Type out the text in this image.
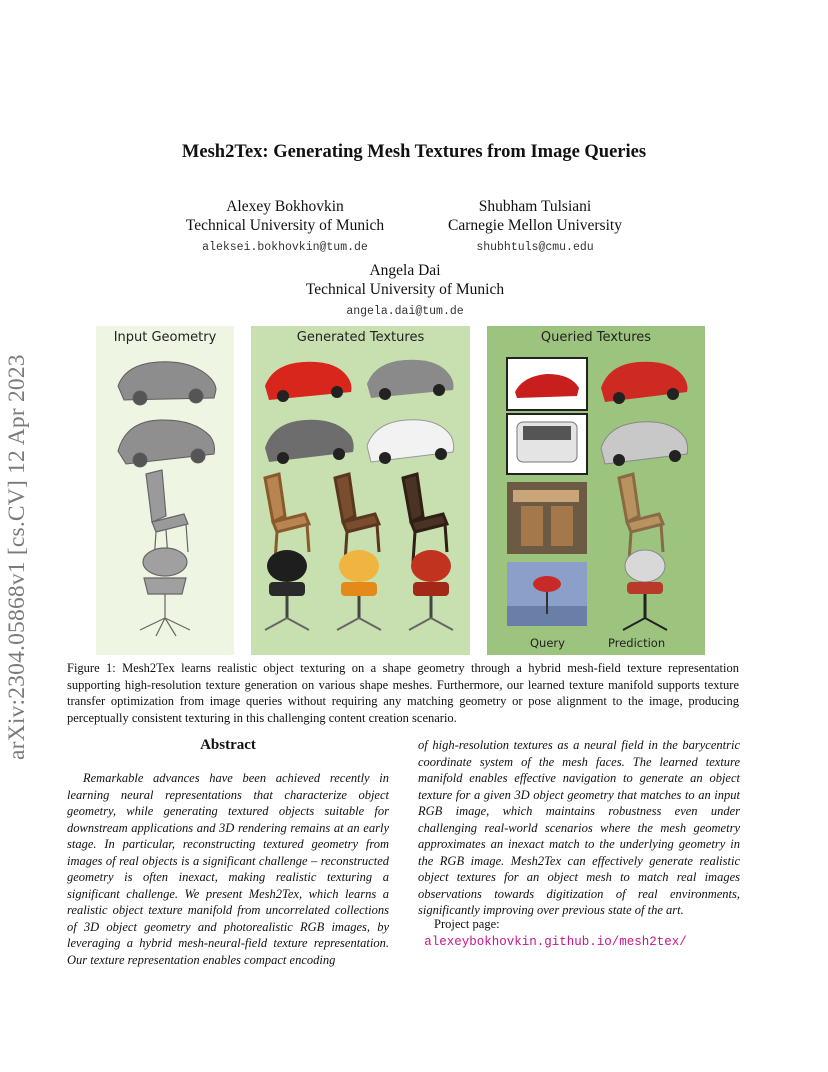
arXiv:2304.05868v1 [cs.CV] 12 Apr 2023
Mesh2Tex: Generating Mesh Textures from Image Queries
Alexey Bokhovkin
Technical University of Munich
aleksei.bokhovkin@tum.de
Shubham Tulsiani
Carnegie Mellon University
shubhtuls@cmu.edu
Angela Dai
Technical University of Munich
angela.dai@tum.de
Input Geometry	Generated Textures	Queried Textures
Query	Prediction
Figure 1: Mesh2Tex learns realistic object texturing on a shape geometry through a hybrid mesh-field texture representation supporting high-resolution texture generation on various shape meshes. Furthermore, our learned texture manifold supports texture transfer optimization from image queries without requiring any matching geometry or pose alignment to the image, producing perceptually consistent texturing in this challenging content creation scenario.
Abstract
Remarkable advances have been achieved recently in learning neural representations that characterize object geometry, while generating textured objects suitable for downstream applications and 3D rendering remains at an early stage. In particular, reconstructing textured geometry from images of real objects is a significant challenge – reconstructed geometry is often inexact, making realistic texturing a significant challenge. We present Mesh2Tex, which learns a realistic object texture manifold from uncorrelated collections of 3D object geometry and photorealistic RGB images, by leveraging a hybrid mesh-neural-field texture representation. Our texture representation enables compact encoding
of high-resolution textures as a neural field in the barycentric coordinate system of the mesh faces. The learned texture manifold enables effective navigation to generate an object texture for a given 3D object geometry that matches to an input RGB image, which maintains robustness even under challenging real-world scenarios where the mesh geometry approximates an inexact match to the underlying geometry in the RGB image. Mesh2Tex can effectively generate realistic object textures for an object mesh to match real images observations towards digitization of real environments, significantly improving over previous state of the art.
Project page:   alexeybokhovkin.github.io/mesh2tex/
